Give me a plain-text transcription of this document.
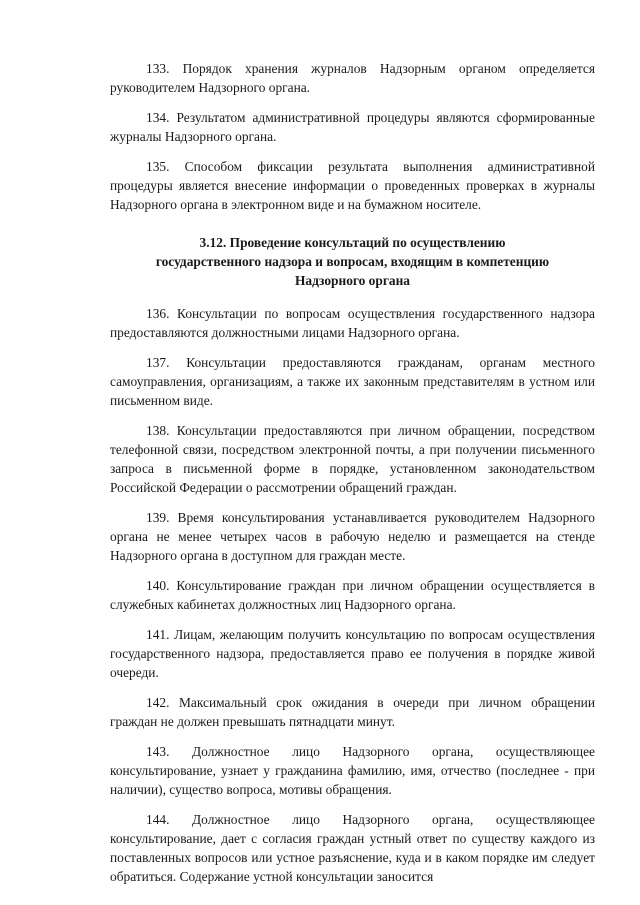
133. Порядок хранения журналов Надзорным органом определяется руководителем Надзорного органа.

134. Результатом административной процедуры являются сформированные журналы Надзорного органа.

135. Способом фиксации результата выполнения административной процедуры является внесение информации о проведенных проверках в журналы Надзорного органа в электронном виде и на бумажном носителе.

3.12. Проведение консультаций по осуществлению
государственного надзора и вопросам, входящим в компетенцию
Надзорного органа

136. Консультации по вопросам осуществления государственного надзора предоставляются должностными лицами Надзорного органа.

137. Консультации предоставляются гражданам, органам местного самоуправления, организациям, а также их законным представителям в устном или письменном виде.

138. Консультации предоставляются при личном обращении, посредством телефонной связи, посредством электронной почты, а при получении письменного запроса в письменной форме в порядке, установленном законодательством Российской Федерации о рассмотрении обращений граждан.

139. Время консультирования устанавливается руководителем Надзорного органа не менее четырех часов в рабочую неделю и размещается на стенде Надзорного органа в доступном для граждан месте.

140. Консультирование граждан при личном обращении осуществляется в служебных кабинетах должностных лиц Надзорного органа.

141. Лицам, желающим получить консультацию по вопросам осуществления государственного надзора, предоставляется право ее получения в порядке живой очереди.

142. Максимальный срок ожидания в очереди при личном обращении граждан не должен превышать пятнадцати минут.

143. Должностное лицо Надзорного органа, осуществляющее консультирование, узнает у гражданина фамилию, имя, отчество (последнее - при наличии), существо вопроса, мотивы обращения.

144. Должностное лицо Надзорного органа, осуществляющее консультирование, дает с согласия граждан устный ответ по существу каждого из поставленных вопросов или устное разъяснение, куда и в каком порядке им следует обратиться. Содержание устной консультации заносится
